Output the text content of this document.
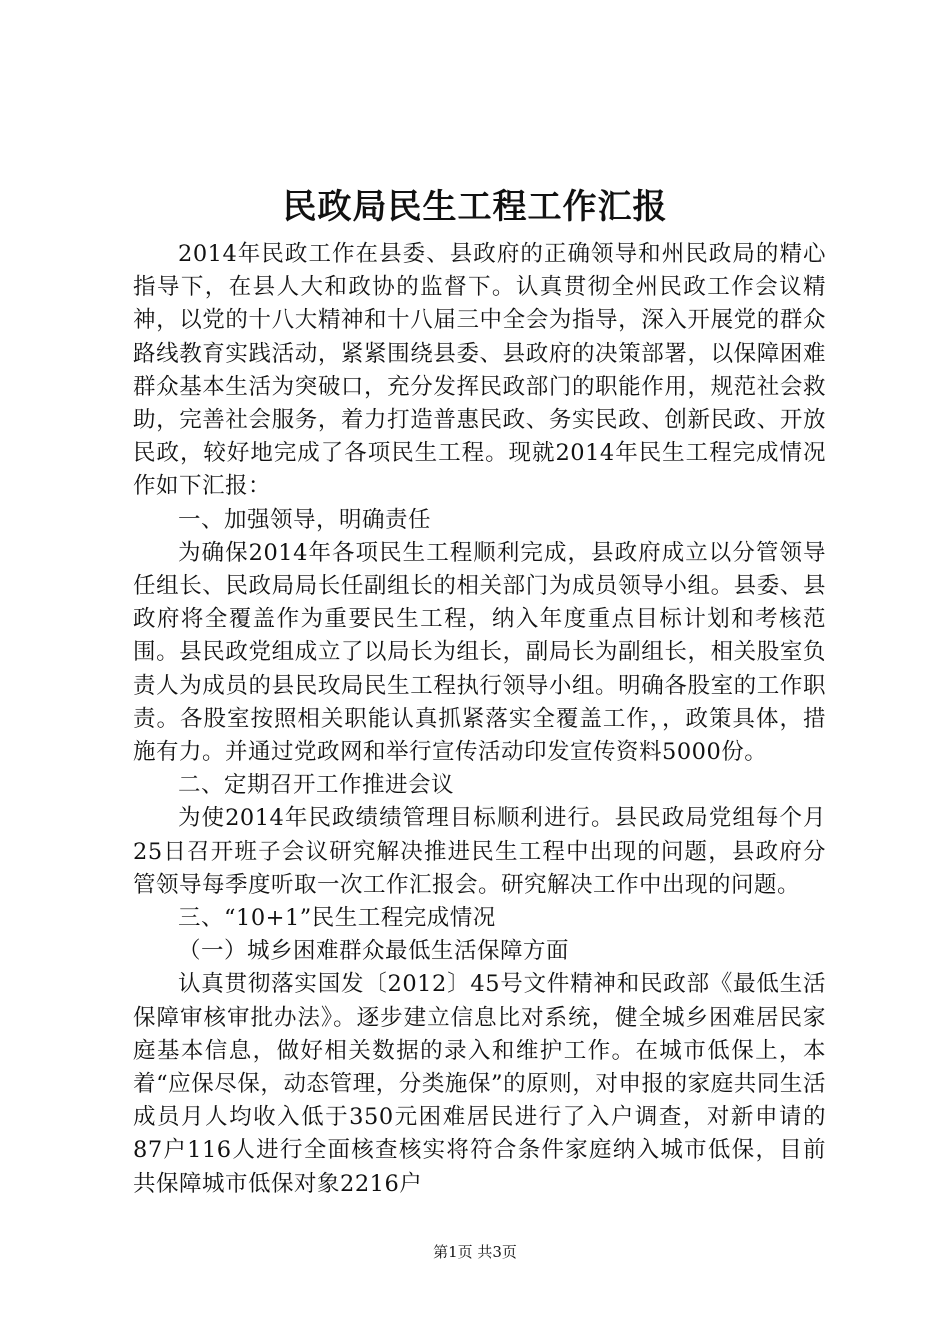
民政局民生工程工作汇报

2014年民政工作在县委、县政府的正确领导和州民政局的精心指导下，在县人大和政协的监督下。认真贯彻全州民政工作会议精神，以党的十八大精神和十八届三中全会为指导，深入开展党的群众路线教育实践活动，紧紧围绕县委、县政府的决策部署，以保障困难群众基本生活为突破口，充分发挥民政部门的职能作用，规范社会救助，完善社会服务，着力打造普惠民政、务实民政、创新民政、开放民政，较好地完成了各项民生工程。现就2014年民生工程完成情况作如下汇报：

一、加强领导，明确责任

为确保2014年各项民生工程顺利完成，县政府成立以分管领导任组长、民政局局长任副组长的相关部门为成员领导小组。县委、县政府将全覆盖作为重要民生工程，纳入年度重点目标计划和考核范围。县民政党组成立了以局长为组长，副局长为副组长，相关股室负责人为成员的县民玫局民生工程执行领导小组。明确各股室的工作职责。各股室按照相关职能认真抓紧落实全覆盖工作，，政策具体，措施有力。并通过党政网和举行宣传活动印发宣传资料5000份。

二、定期召开工作推进会议

为使2014年民政绩绩管理目标顺利进行。县民政局党组每个月25日召开班子会议研究解决推进民生工程中出现的问题，县政府分管领导每季度听取一次工作汇报会。研究解决工作中出现的问题。

三、“10+1”民生工程完成情况

（一）城乡困难群众最低生活保障方面

认真贯彻落实国发〔2012〕45号文件精神和民政部《最低生活保障审核审批办法》。逐步建立信息比对系统，健全城乡困难居民家庭基本信息，做好相关数据的录入和维护工作。在城市低保上，本着“应保尽保，动态管理，分类施保”的原则，对申报的家庭共同生活成员月人均收入低于350元困难居民进行了入户调查，对新申请的87户116人进行全面核查核实将符合条件家庭纳入城市低保，目前共保障城市低保对象2216户

第1页 共3页
